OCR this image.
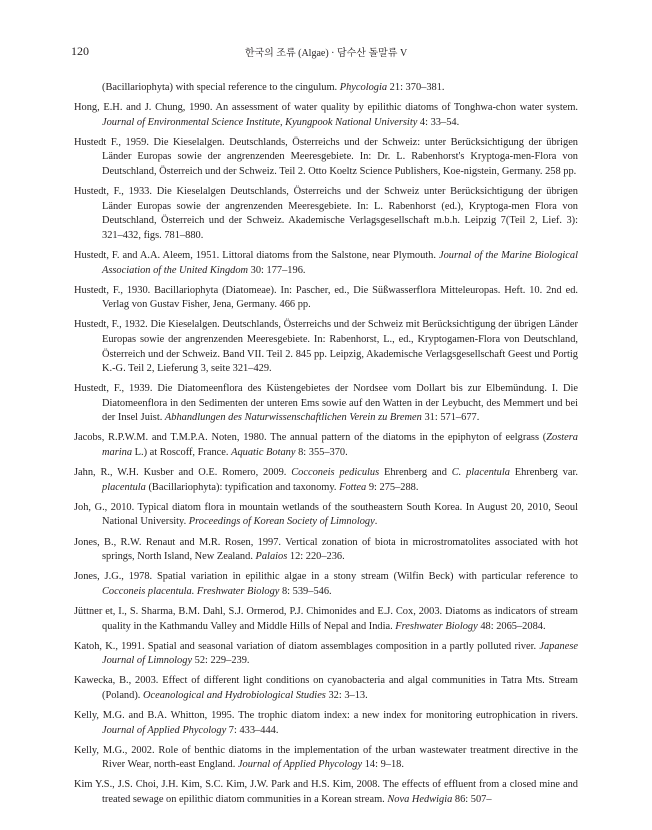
120	한국의 조류 (Algae) · 담수산 돌말류 V

(Bacillariophyta) with special reference to the cingulum. Phycologia 21: 370–381.

Hong, E.H. and J. Chung, 1990. An assessment of water quality by epilithic diatoms of Tonghwa-chon water system. Journal of Environmental Science Institute, Kyungpook National University 4: 33–54.

Hustedt F., 1959. Die Kieselalgen. Deutschlands, Österreichs und der Schweiz: unter Berücksichtigung der übrigen Länder Europas sowie der angrenzenden Meeresgebiete. In: Dr. L. Rabenhorst's Kryptoga-men-Flora von Deutschland, Österreich und der Schweiz. Teil 2. Otto Koeltz Science Publishers, Koe-nigstein, Germany. 258 pp.

Hustedt, F., 1933. Die Kieselalgen Deutschlands, Österreichs und der Schweiz unter Berücksichtigung der übrigen Länder Europas sowie der angrenzenden Meeresgebiete. In: L. Rabenhorst (ed.), Kryptoga-men Flora von Deutschland, Österreich und der Schweiz. Akademische Verlagsgesellschaft m.b.h. Leipzig 7(Teil 2, Lief. 3): 321–432, figs. 781–880.

Hustedt, F. and A.A. Aleem, 1951. Littoral diatoms from the Salstone, near Plymouth. Journal of the Marine Biological Association of the United Kingdom 30: 177–196.

Hustedt, F., 1930. Bacillariophyta (Diatomeae). In: Pascher, ed., Die Süßwasserflora Mitteleuropas. Heft. 10. 2nd ed. Verlag von Gustav Fisher, Jena, Germany. 466 pp.

Hustedt, F., 1932. Die Kieselalgen. Deutschlands, Österreichs und der Schweiz mit Berücksichtigung der übrigen Länder Europas sowie der angrenzenden Meeresgebiete. In: Rabenhorst, L., ed., Kryptogamen-Flora von Deutschland, Österreich und der Schweiz. Band VII. Teil 2. 845 pp. Leipzig, Akademische Verlagsgesellschaft Geest und Portig K.-G. Teil 2, Lieferung 3, seite 321–429.

Hustedt, F., 1939. Die Diatomeenflora des Küstengebietes der Nordsee vom Dollart bis zur Elbemündung. I. Die Diatomeenflora in den Sedimenten der unteren Ems sowie auf den Watten in der Leybucht, des Memmert und bei der Insel Juist. Abhandlungen des Naturwissenschaftlichen Verein zu Bremen 31: 571–677.

Jacobs, R.P.W.M. and T.M.P.A. Noten, 1980. The annual pattern of the diatoms in the epiphyton of eelgrass (Zostera marina L.) at Roscoff, France. Aquatic Botany 8: 355–370.

Jahn, R., W.H. Kusber and O.E. Romero, 2009. Cocconeis pediculus Ehrenberg and C. placentula Ehrenberg var. placentula (Bacillariophyta): typification and taxonomy. Fottea 9: 275–288.

Joh, G., 2010. Typical diatom flora in mountain wetlands of the southeastern South Korea. In August 20, 2010, Seoul National University. Proceedings of Korean Society of Limnology.

Jones, B., R.W. Renaut and M.R. Rosen, 1997. Vertical zonation of biota in microstromatolites associated with hot springs, North Island, New Zealand. Palaios 12: 220–236.

Jones, J.G., 1978. Spatial variation in epilithic algae in a stony stream (Wilfin Beck) with particular reference to Cocconeis placentula. Freshwater Biology 8: 539–546.

Jüttner et, I., S. Sharma, B.M. Dahl, S.J. Ormerod, P.J. Chimonides and E.J. Cox, 2003. Diatoms as indicators of stream quality in the Kathmandu Valley and Middle Hills of Nepal and India. Freshwater Biology 48: 2065–2084.

Katoh, K., 1991. Spatial and seasonal variation of diatom assemblages composition in a partly polluted river. Japanese Journal of Limnology 52: 229–239.

Kawecka, B., 2003. Effect of different light conditions on cyanobacteria and algal communities in Tatra Mts. Stream (Poland). Oceanological and Hydrobiological Studies 32: 3–13.

Kelly, M.G. and B.A. Whitton, 1995. The trophic diatom index: a new index for monitoring eutrophication in rivers. Journal of Applied Phycology 7: 433–444.

Kelly, M.G., 2002. Role of benthic diatoms in the implementation of the urban wastewater treatment directive in the River Wear, north-east England. Journal of Applied Phycology 14: 9–18.

Kim Y.S., J.S. Choi, J.H. Kim, S.C. Kim, J.W. Park and H.S. Kim, 2008. The effects of effluent from a closed mine and treated sewage on epilithic diatom communities in a Korean stream. Nova Hedwigia 86: 507–
